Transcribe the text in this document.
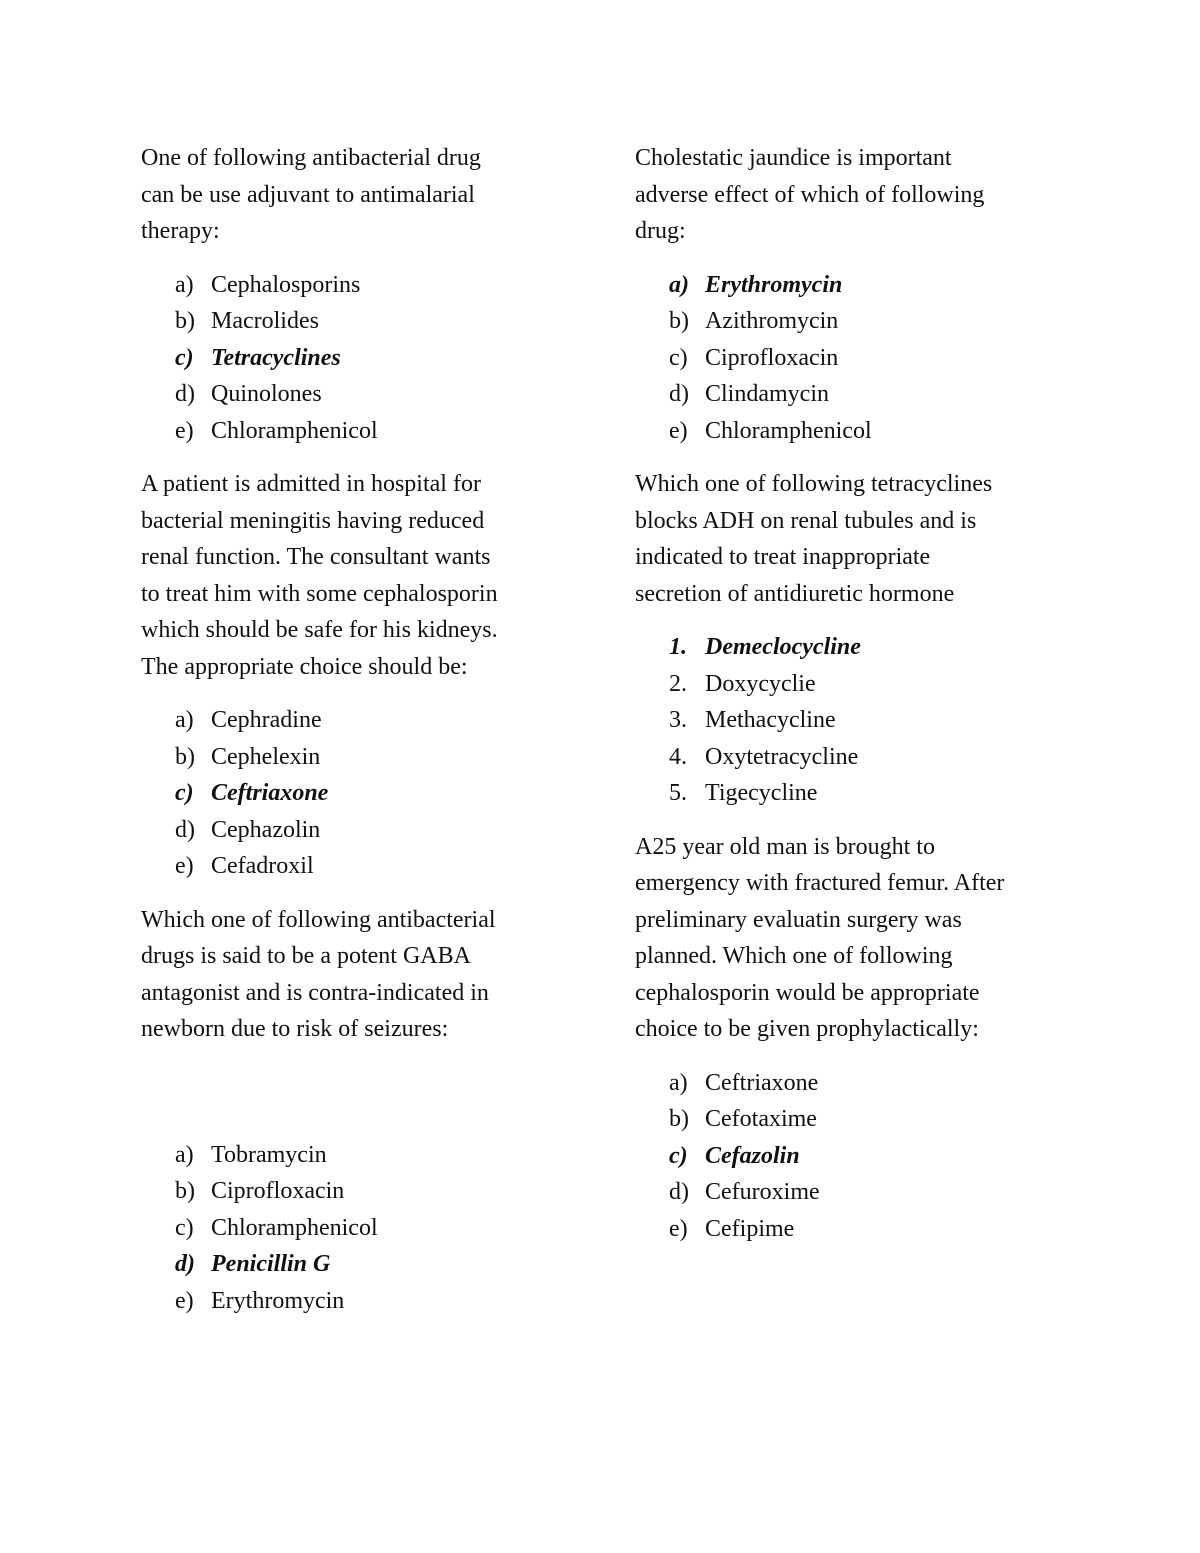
One of following antibacterial drug
can be use adjuvant to antimalarial
therapy:

a) Cephalosporins
b) Macrolides
c) Tetracyclines
d) Quinolones
e) Chloramphenicol

A patient is admitted in hospital for
bacterial meningitis having reduced
renal function. The consultant wants
to treat him with some cephalosporin
which should be safe for his kidneys.
The appropriate choice should be:

a) Cephradine
b) Cephelexin
c) Ceftriaxone
d) Cephazolin
e) Cefadroxil

Which one of following antibacterial
drugs is said to be a potent GABA
antagonist and is contra-indicated in
newborn due to risk of seizures:

a) Tobramycin
b) Ciprofloxacin
c) Chloramphenicol
d) Penicillin G
e) Erythromycin

Cholestatic jaundice is important
adverse effect of which of following
drug:

a) Erythromycin
b) Azithromycin
c) Ciprofloxacin
d) Clindamycin
e) Chloramphenicol

Which one of following tetracyclines
blocks ADH on renal tubules and is
indicated to treat inappropriate
secretion of antidiuretic hormone

1. Demeclocycline
2. Doxycyclie
3. Methacycline
4. Oxytetracycline
5. Tigecycline

A25 year old man is brought to
emergency with fractured femur. After
preliminary evaluatin surgery was
planned. Which one of following
cephalosporin would be appropriate
choice to be given prophylactically:

a) Ceftriaxone
b) Cefotaxime
c) Cefazolin
d) Cefuroxime
e) Cefipime
